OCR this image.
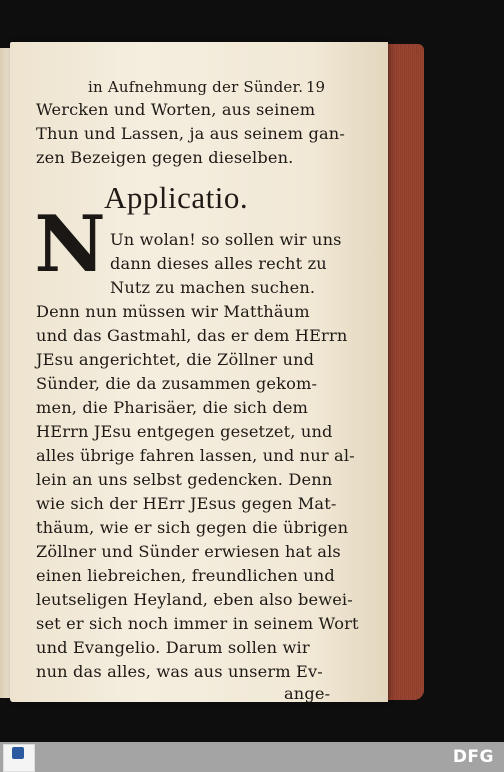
in Aufnehmung der Sünder. 19
Wercken und Worten, aus seinem
Thun und Lassen, ja aus seinem gan-
zen Bezeigen gegen dieselben.
Applicatio.
N Un wolan! so sollen wir uns
dann dieses alles recht zu
Nutz zu machen suchen.
Denn nun müssen wir Matthäum
und das Gastmahl, das er dem HErrn
JEsu angerichtet, die Zöllner und
Sünder, die da zusammen gekom-
men, die Pharisäer, die sich dem
HErrn JEsu entgegen gesetzet, und
alles übrige fahren lassen, und nur al-
lein an uns selbst gedencken. Denn
wie sich der HErr JEsus gegen Mat-
thäum, wie er sich gegen die übrigen
Zöllner und Sünder erwiesen hat als
einen liebreichen, freundlichen und
leutseligen Heyland, eben also bewei-
set er sich noch immer in seinem Wort
und Evangelio. Darum sollen wir
nun das alles, was aus unserm Ev-
ange-
DFG
